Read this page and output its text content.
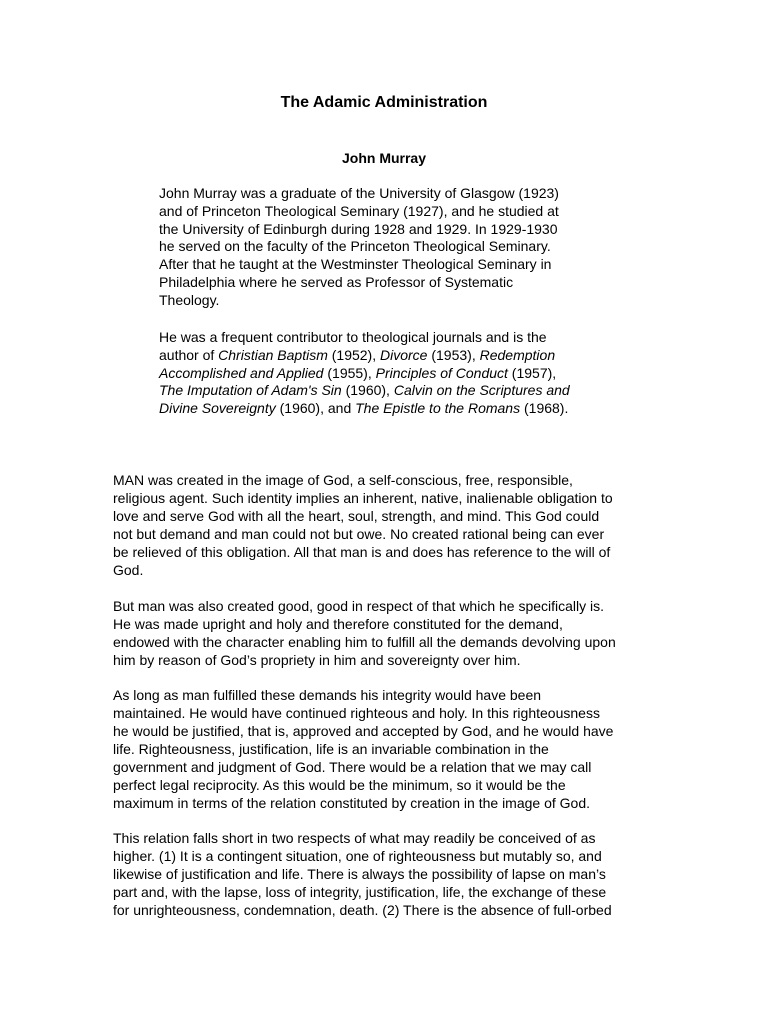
The Adamic Administration
John Murray
John Murray was a graduate of the University of Glasgow (1923)
and of Princeton Theological Seminary (1927), and he studied at
the University of Edinburgh during 1928 and 1929. In 1929-1930
he served on the faculty of the Princeton Theological Seminary.
After that he taught at the Westminster Theological Seminary in
Philadelphia where he served as Professor of Systematic
Theology.
He was a frequent contributor to theological journals and is the
author of Christian Baptism (1952), Divorce (1953), Redemption
Accomplished and Applied (1955), Principles of Conduct (1957),
The Imputation of Adam's Sin (1960), Calvin on the Scriptures and
Divine Sovereignty (1960), and The Epistle to the Romans (1968).
MAN was created in the image of God, a self-conscious, free, responsible,
religious agent. Such identity implies an inherent, native, inalienable obligation to
love and serve God with all the heart, soul, strength, and mind. This God could
not but demand and man could not but owe. No created rational being can ever
be relieved of this obligation. All that man is and does has reference to the will of
God.
But man was also created good, good in respect of that which he specifically is.
He was made upright and holy and therefore constituted for the demand,
endowed with the character enabling him to fulfill all the demands devolving upon
him by reason of God’s propriety in him and sovereignty over him.
As long as man fulfilled these demands his integrity would have been
maintained. He would have continued righteous and holy. In this righteousness
he would be justified, that is, approved and accepted by God, and he would have
life. Righteousness, justification, life is an invariable combination in the
government and judgment of God. There would be a relation that we may call
perfect legal reciprocity. As this would be the minimum, so it would be the
maximum in terms of the relation constituted by creation in the image of God.
This relation falls short in two respects of what may readily be conceived of as
higher. (1) It is a contingent situation, one of righteousness but mutably so, and
likewise of justification and life. There is always the possibility of lapse on man’s
part and, with the lapse, loss of integrity, justification, life, the exchange of these
for unrighteousness, condemnation, death. (2) There is the absence of full-orbed
